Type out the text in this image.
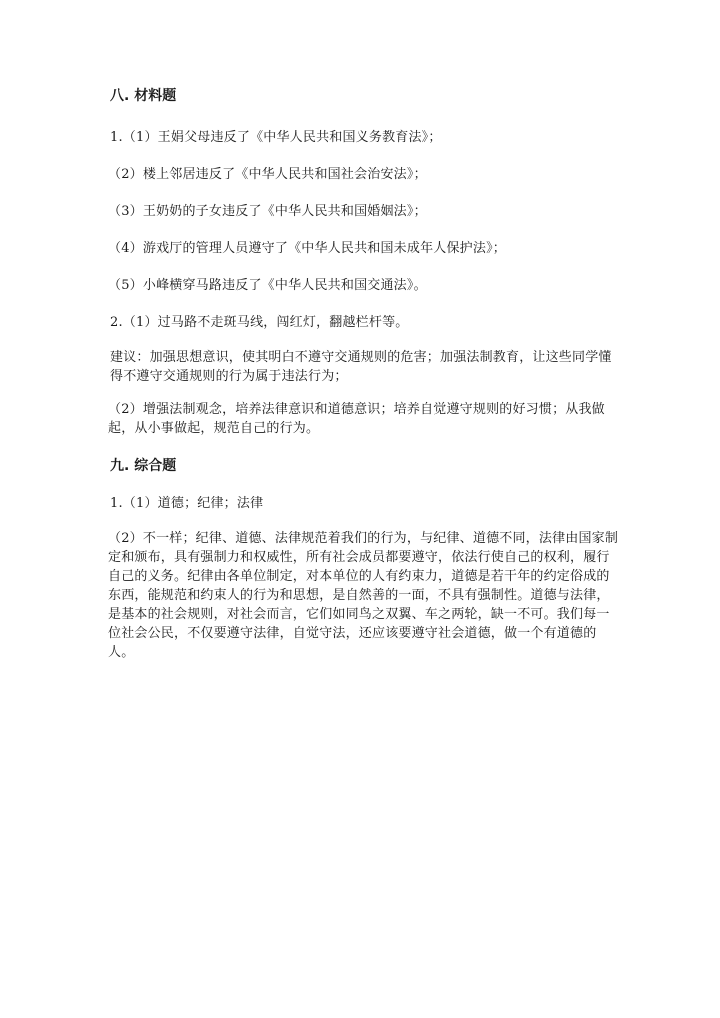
八. 材料题

1.（1）王娟父母违反了《中华人民共和国义务教育法》；

（2）楼上邻居违反了《中华人民共和国社会治安法》；

（3）王奶奶的子女违反了《中华人民共和国婚姻法》；

（4）游戏厅的管理人员遵守了《中华人民共和国未成年人保护法》；

（5）小峰横穿马路违反了《中华人民共和国交通法》。

2.（1）过马路不走斑马线，闯红灯，翻越栏杆等。

建议：加强思想意识，使其明白不遵守交通规则的危害；加强法制教育，让这些同学懂得不遵守交通规则的行为属于违法行为；

（2）增强法制观念，培养法律意识和道德意识；培养自觉遵守规则的好习惯；从我做起，从小事做起，规范自己的行为。

九. 综合题

1.（1）道德；纪律；法律

（2）不一样；纪律、道德、法律规范着我们的行为，与纪律、道德不同，法律由国家制定和颁布，具有强制力和权威性，所有社会成员都要遵守，依法行使自己的权利，履行自己的义务。纪律由各单位制定，对本单位的人有约束力，道德是若干年的约定俗成的东西，能规范和约束人的行为和思想，是自然善的一面，不具有强制性。道德与法律，是基本的社会规则，对社会而言，它们如同鸟之双翼、车之两轮，缺一不可。我们每一位社会公民，不仅要遵守法律，自觉守法，还应该要遵守社会道德，做一个有道德的人。
